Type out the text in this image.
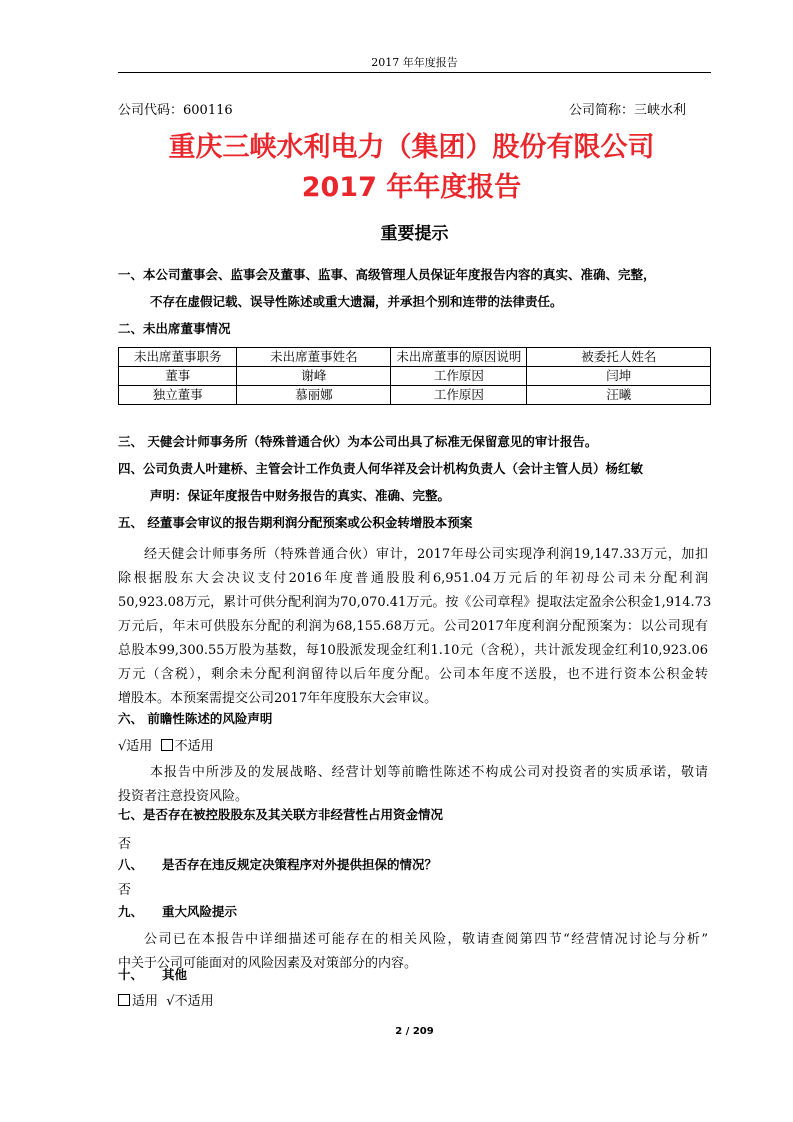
2017 年年度报告
公司代码：600116	公司简称：三峡水利
重庆三峡水利电力（集团）股份有限公司
2017 年年度报告
重要提示
一、本公司董事会、监事会及董事、监事、高级管理人员保证年度报告内容的真实、准确、完整，
不存在虚假记载、误导性陈述或重大遗漏，并承担个别和连带的法律责任。
二、未出席董事情况
未出席董事职务	未出席董事姓名	未出席董事的原因说明	被委托人姓名
董事	谢峰	工作原因	闫坤
独立董事	慕丽娜	工作原因	汪曦
三、 天健会计师事务所（特殊普通合伙）为本公司出具了标准无保留意见的审计报告。
四、公司负责人叶建桥、主管会计工作负责人何华祥及会计机构负责人（会计主管人员）杨红敏
声明：保证年度报告中财务报告的真实、准确、完整。
五、 经董事会审议的报告期利润分配预案或公积金转增股本预案
经天健会计师事务所（特殊普通合伙）审计，2017年母公司实现净利润19,147.33万元，加扣
除根据股东大会决议支付2016年度普通股股利6,951.04万元后的年初母公司未分配利润
50,923.08万元，累计可供分配利润为70,070.41万元。按《公司章程》提取法定盈余公积金1,914.73
万元后，年末可供股东分配的利润为68,155.68万元。公司2017年度利润分配预案为：以公司现有
总股本99,300.55万股为基数，每10股派发现金红利1.10元（含税），共计派发现金红利10,923.06
万元（含税），剩余未分配利润留待以后年度分配。公司本年度不送股，也不进行资本公积金转
增股本。本预案需提交公司2017年年度股东大会审议。
六、 前瞻性陈述的风险声明
√适用 不适用
本报告中所涉及的发展战略、经营计划等前瞻性陈述不构成公司对投资者的实质承诺，敬请
投资者注意投资风险。
七、是否存在被控股股东及其关联方非经营性占用资金情况
否
八、 是否存在违反规定决策程序对外提供担保的情况？
否
九、 重大风险提示
公司已在本报告中详细描述可能存在的相关风险，敬请查阅第四节“经营情况讨论与分析”
中关于公司可能面对的风险因素及对策部分的内容。
十、 其他
适用 √不适用
2 / 209
